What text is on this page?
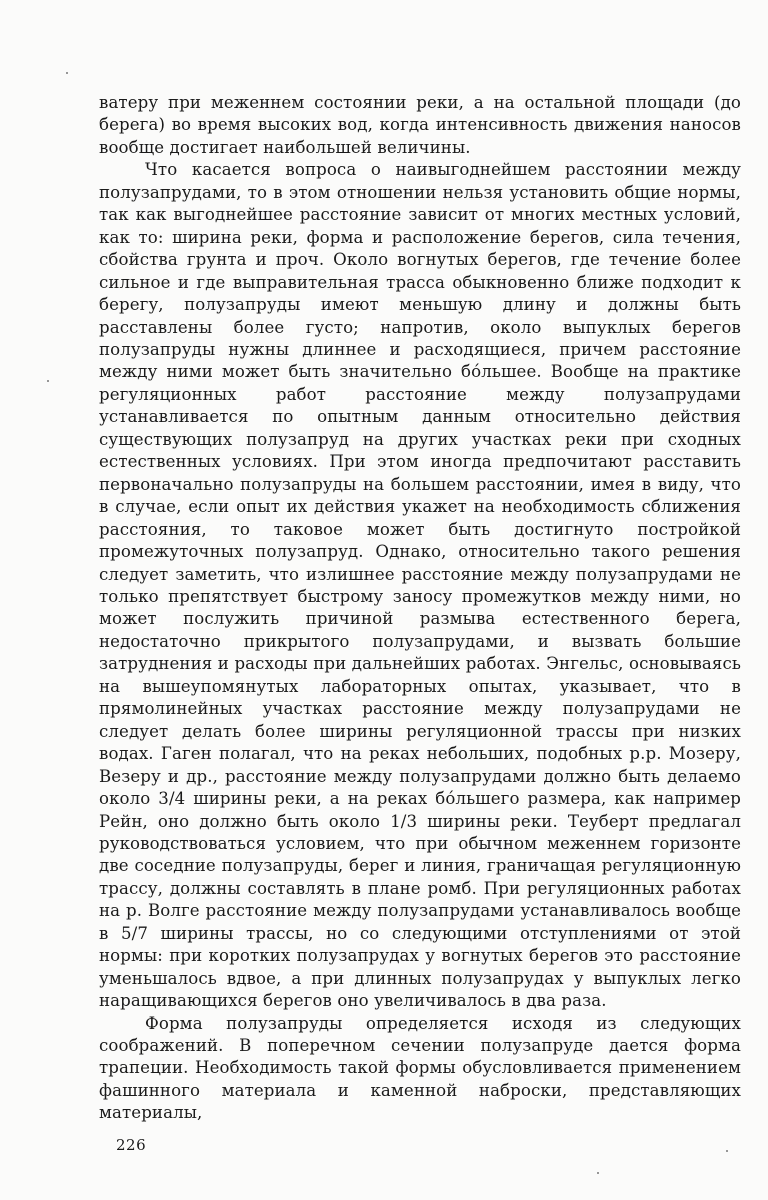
ватеру при меженнем состоянии реки, а на остальной площади (до берега) во время высоких вод, когда интенсивность движения наносов вообще достигает наибольшей величины.

Что касается вопроса о наивыгоднейшем расстоянии между полузапрудами, то в этом отношении нельзя установить общие нормы, так как выгоднейшее расстояние зависит от многих местных условий, как то: ширина реки, форма и расположение берегов, сила течения, сбойства грунта и проч. Около вогнутых берегов, где течение более сильное и где выправительная трасса обыкновенно ближе подходит к берегу, полузапруды имеют меньшую длину и должны быть расставлены более густо; напротив, около выпуклых берегов полузапруды нужны длиннее и расходящиеся, причем расстояние между ними может быть значительно бо́льшее. Вообще на практике регуляционных работ расстояние между полузапрудами устанавливается по опытным данным относительно действия существующих полузапруд на других участках реки при сходных естественных условиях. При этом иногда предпочитают расставить первоначально полузапруды на большем расстоянии, имея в виду, что в случае, если опыт их действия укажет на необходимость сближения расстояния, то таковое может быть достигнуто постройкой промежуточных полузапруд. Однако, относительно такого решения следует заметить, что излишнее расстояние между полузапрудами не только препятствует быстрому заносу промежутков между ними, но может послужить причиной размыва естественного берега, недостаточно прикрытого полузапрудами, и вызвать большие затруднения и расходы при дальнейших работах. Энгельс, основываясь на вышеупомянутых лабораторных опытах, указывает, что в прямолинейных участках расстояние между полузапрудами не следует делать более ширины регуляционной трассы при низких водах. Гаген полагал, что на реках небольших, подобных р.р. Мозеру, Везеру и др., расстояние между полузапрудами должно быть делаемо около 3/4 ширины реки, а на реках бо́льшего размера, как например Рейн, оно должно быть около 1/3 ширины реки. Теуберт предлагал руководствоваться условием, что при обычном меженнем горизонте две соседние полузапруды, берег и линия, граничащая регуляционную трассу, должны составлять в плане ромб. При регуляционных работах на р. Волге расстояние между полузапрудами устанавливалось вообще в 5/7 ширины трассы, но со следующими отступлениями от этой нормы: при коротких полузапрудах у вогнутых берегов это расстояние уменьшалось вдвое, а при длинных полузапрудах у выпуклых легко наращивающихся берегов оно увеличивалось в два раза.

Форма полузапруды определяется исходя из следующих соображений. В поперечном сечении полузапруде дается форма трапеции. Необходимость такой формы обусловливается применением фашинного материала и каменной наброски, представляющих материалы,

226
